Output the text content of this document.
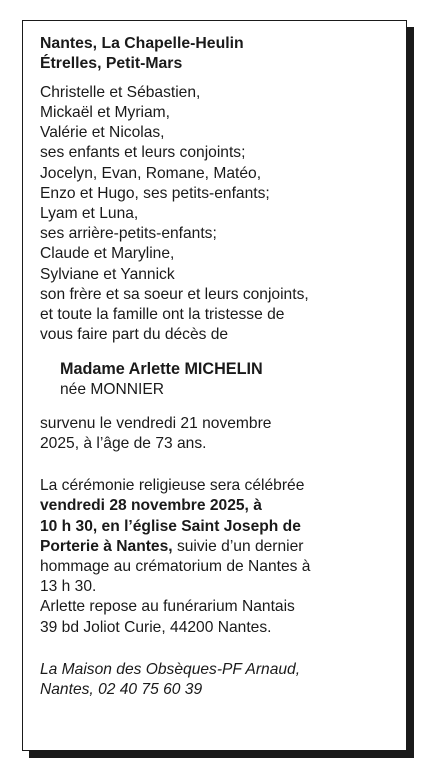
Nantes, La Chapelle-Heulin
Étrelles, Petit-Mars
Christelle et Sébastien,
Mickaël et Myriam,
Valérie et Nicolas,
ses enfants et leurs conjoints;
Jocelyn, Evan, Romane, Matéo,
Enzo et Hugo, ses petits-enfants;
Lyam et Luna,
ses arrière-petits-enfants;
Claude et Maryline,
Sylviane et Yannick
son frère et sa soeur et leurs conjoints,
et toute la famille ont la tristesse de
vous faire part du décès de
Madame Arlette MICHELIN
née MONNIER
survenu le vendredi 21 novembre
2025, à l’âge de 73 ans.
La cérémonie religieuse sera célébrée
vendredi 28 novembre 2025, à
10 h 30, en l’église Saint Joseph de
Porterie à Nantes, suivie d’un dernier
hommage au crématorium de Nantes à
13 h 30.
Arlette repose au funérarium Nantais
39 bd Joliot Curie, 44200 Nantes.
La Maison des Obsèques-PF Arnaud,
Nantes, 02 40 75 60 39
